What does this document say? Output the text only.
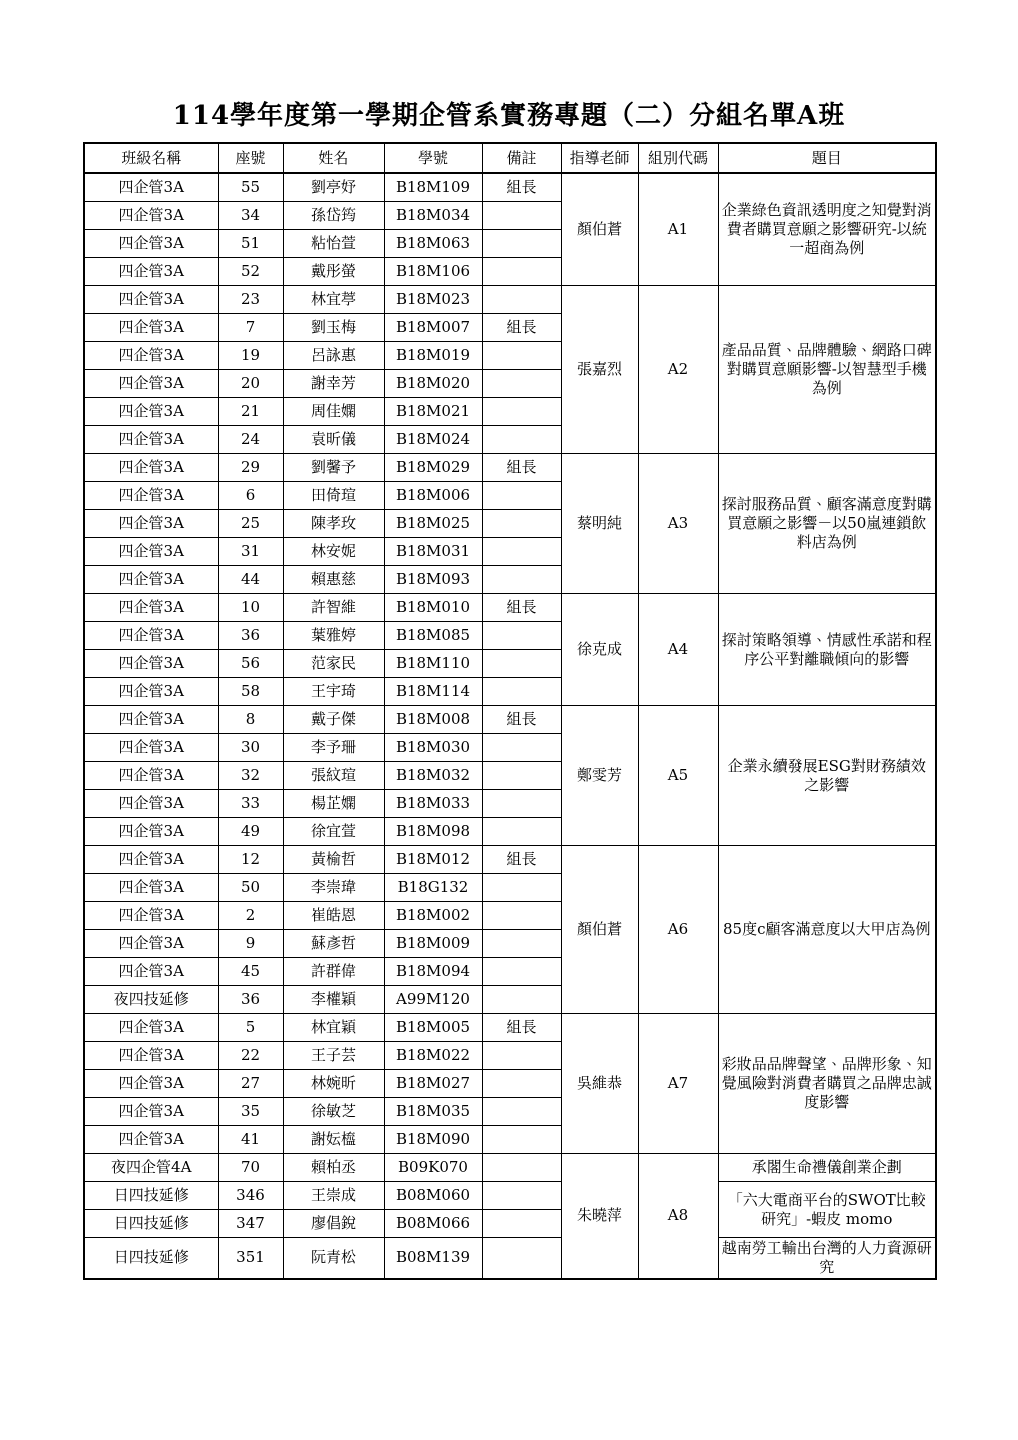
114學年度第一學期企管系實務專題（二）分組名單A班
班級名稱	座號	姓名	學號	備註	指導老師	組別代碼	題目
四企管3A	55	劉亭妤	B18M109	組長	顏伯蒼	A1	企業綠色資訊透明度之知覺對消費者購買意願之影響研究-以統一超商為例
四企管3A	34	孫岱筠	B18M034				
四企管3A	51	粘怡萱	B18M063				
四企管3A	52	戴彤螢	B18M106				
四企管3A	23	林宜葶	B18M023		張嘉烈	A2	產品品質、品牌體驗、網路口碑對購買意願影響-以智慧型手機為例
四企管3A	7	劉玉梅	B18M007	組長			
四企管3A	19	呂詠惠	B18M019				
四企管3A	20	謝幸芳	B18M020				
四企管3A	21	周佳嫻	B18M021				
四企管3A	24	袁昕儀	B18M024				
四企管3A	29	劉馨予	B18M029	組長	蔡明純	A3	探討服務品質、顧客滿意度對購買意願之影響－以50嵐連鎖飲料店為例
四企管3A	6	田倚瑄	B18M006				
四企管3A	25	陳孝玫	B18M025				
四企管3A	31	林安妮	B18M031				
四企管3A	44	賴惠慈	B18M093				
四企管3A	10	許智維	B18M010	組長	徐克成	A4	探討策略領導、情感性承諾和程序公平對離職傾向的影響
四企管3A	36	葉雅婷	B18M085				
四企管3A	56	范家民	B18M110				
四企管3A	58	王宇琦	B18M114				
四企管3A	8	戴子傑	B18M008	組長	鄭雯芳	A5	企業永續發展ESG對財務績效之影響
四企管3A	30	李予珊	B18M030				
四企管3A	32	張紋瑄	B18M032				
四企管3A	33	楊芷嫻	B18M033				
四企管3A	49	徐宜萱	B18M098				
四企管3A	12	黃榆哲	B18M012	組長	顏伯蒼	A6	85度c顧客滿意度以大甲店為例
四企管3A	50	李崇瑋	B18G132				
四企管3A	2	崔皓恩	B18M002				
四企管3A	9	蘇彥哲	B18M009				
四企管3A	45	許群偉	B18M094				
夜四技延修	36	李權穎	A99M120				
四企管3A	5	林宜穎	B18M005	組長	吳維恭	A7	彩妝品品牌聲望、品牌形象、知覺風險對消費者購買之品牌忠誠度影響
四企管3A	22	王子芸	B18M022				
四企管3A	27	林婉昕	B18M027				
四企管3A	35	徐敏芝	B18M035				
四企管3A	41	謝妘橀	B18M090				
夜四企管4A	70	賴柏丞	B09K070		朱曉萍	A8	承閣生命禮儀創業企劃
日四技延修	346	王崇成	B08M060				「六大電商平台的SWOT比較研究」-蝦皮 momo
日四技延修	347	廖倡銳	B08M066				
日四技延修	351	阮青松	B08M139				越南勞工輸出台灣的人力資源研究
